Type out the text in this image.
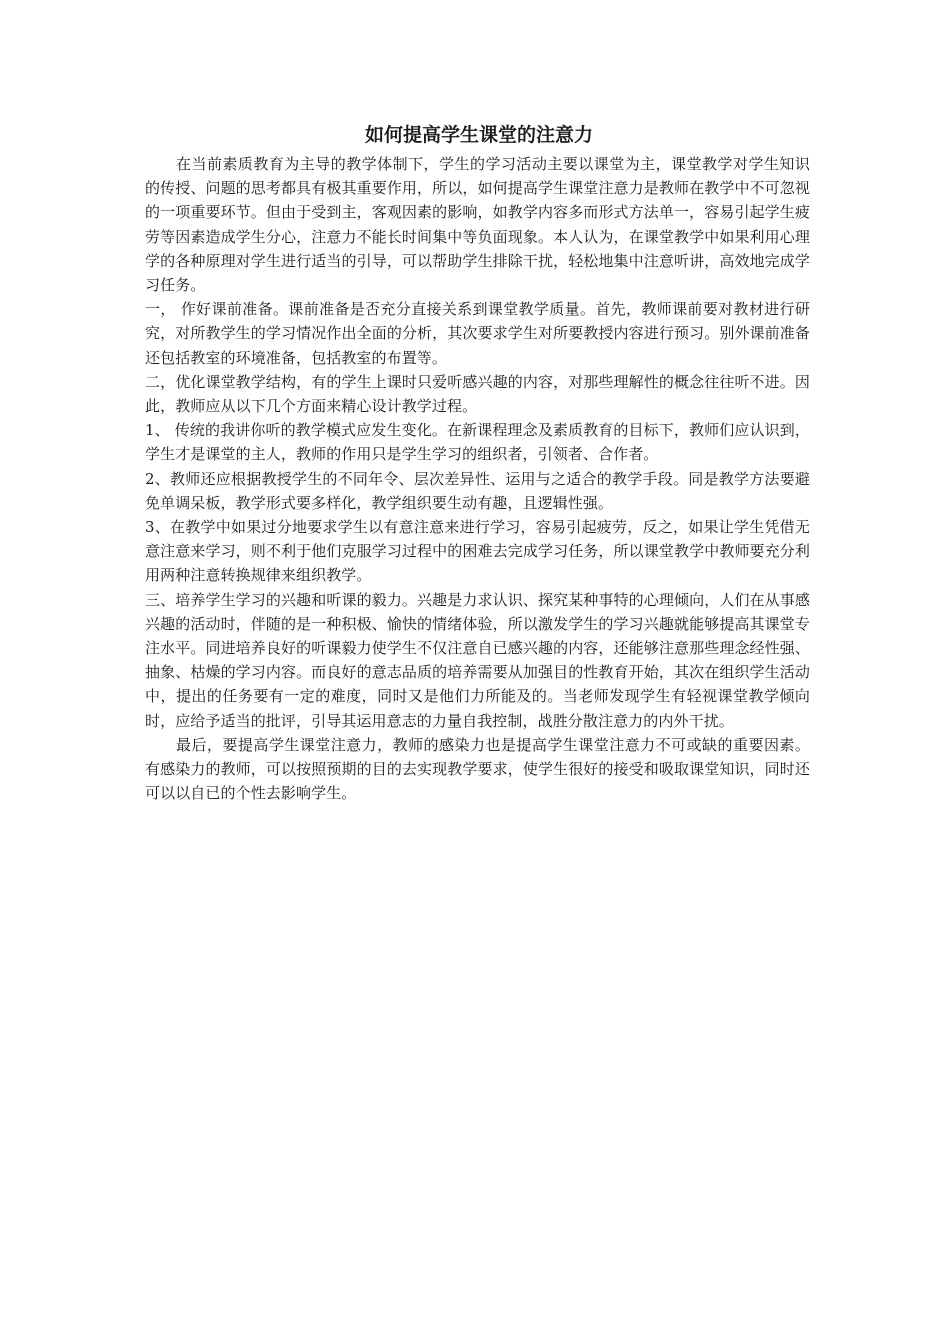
如何提高学生课堂的注意力

在当前素质教育为主导的教学体制下，学生的学习活动主要以课堂为主，课堂教学对学生知识的传授、问题的思考都具有极其重要作用，所以，如何提高学生课堂注意力是教师在教学中不可忽视的一项重要环节。但由于受到主，客观因素的影响，如教学内容多而形式方法单一，容易引起学生疲劳等因素造成学生分心，注意力不能长时间集中等负面现象。本人认为，在课堂教学中如果利用心理学的各种原理对学生进行适当的引导，可以帮助学生排除干扰，轻松地集中注意听讲，高效地完成学习任务。

一， 作好课前准备。课前准备是否充分直接关系到课堂教学质量。首先，教师课前要对教材进行研究，对所教学生的学习情况作出全面的分析，其次要求学生对所要教授内容进行预习。别外课前准备还包括教室的环境准备，包括教室的布置等。

二，优化课堂教学结构，有的学生上课时只爱听感兴趣的内容，对那些理解性的概念往往听不进。因此，教师应从以下几个方面来精心设计教学过程。

1、 传统的我讲你听的教学模式应发生变化。在新课程理念及素质教育的目标下，教师们应认识到，学生才是课堂的主人，教师的作用只是学生学习的组织者，引领者、合作者。

2、教师还应根据教授学生的不同年令、层次差异性、运用与之适合的教学手段。同是教学方法要避免单调呆板，教学形式要多样化，教学组织要生动有趣，且逻辑性强。

3、在教学中如果过分地要求学生以有意注意来进行学习，容易引起疲劳，反之，如果让学生凭借无意注意来学习，则不利于他们克服学习过程中的困难去完成学习任务，所以课堂教学中教师要充分利用两种注意转换规律来组织教学。

三、培养学生学习的兴趣和听课的毅力。兴趣是力求认识、探究某种事特的心理倾向，人们在从事感兴趣的活动时，伴随的是一种积极、愉快的情绪体验，所以激发学生的学习兴趣就能够提高其课堂专注水平。同进培养良好的听课毅力使学生不仅注意自已感兴趣的内容，还能够注意那些理念经性强、抽象、枯燥的学习内容。而良好的意志品质的培养需要从加强目的性教育开始，其次在组织学生活动中，提出的任务要有一定的难度，同时又是他们力所能及的。当老师发现学生有轻视课堂教学倾向时，应给予适当的批评，引导其运用意志的力量自我控制，战胜分散注意力的内外干扰。

最后，要提高学生课堂注意力，教师的感染力也是提高学生课堂注意力不可或缺的重要因素。有感染力的教师，可以按照预期的目的去实现教学要求，使学生很好的接受和吸取课堂知识，同时还可以以自已的个性去影响学生。
